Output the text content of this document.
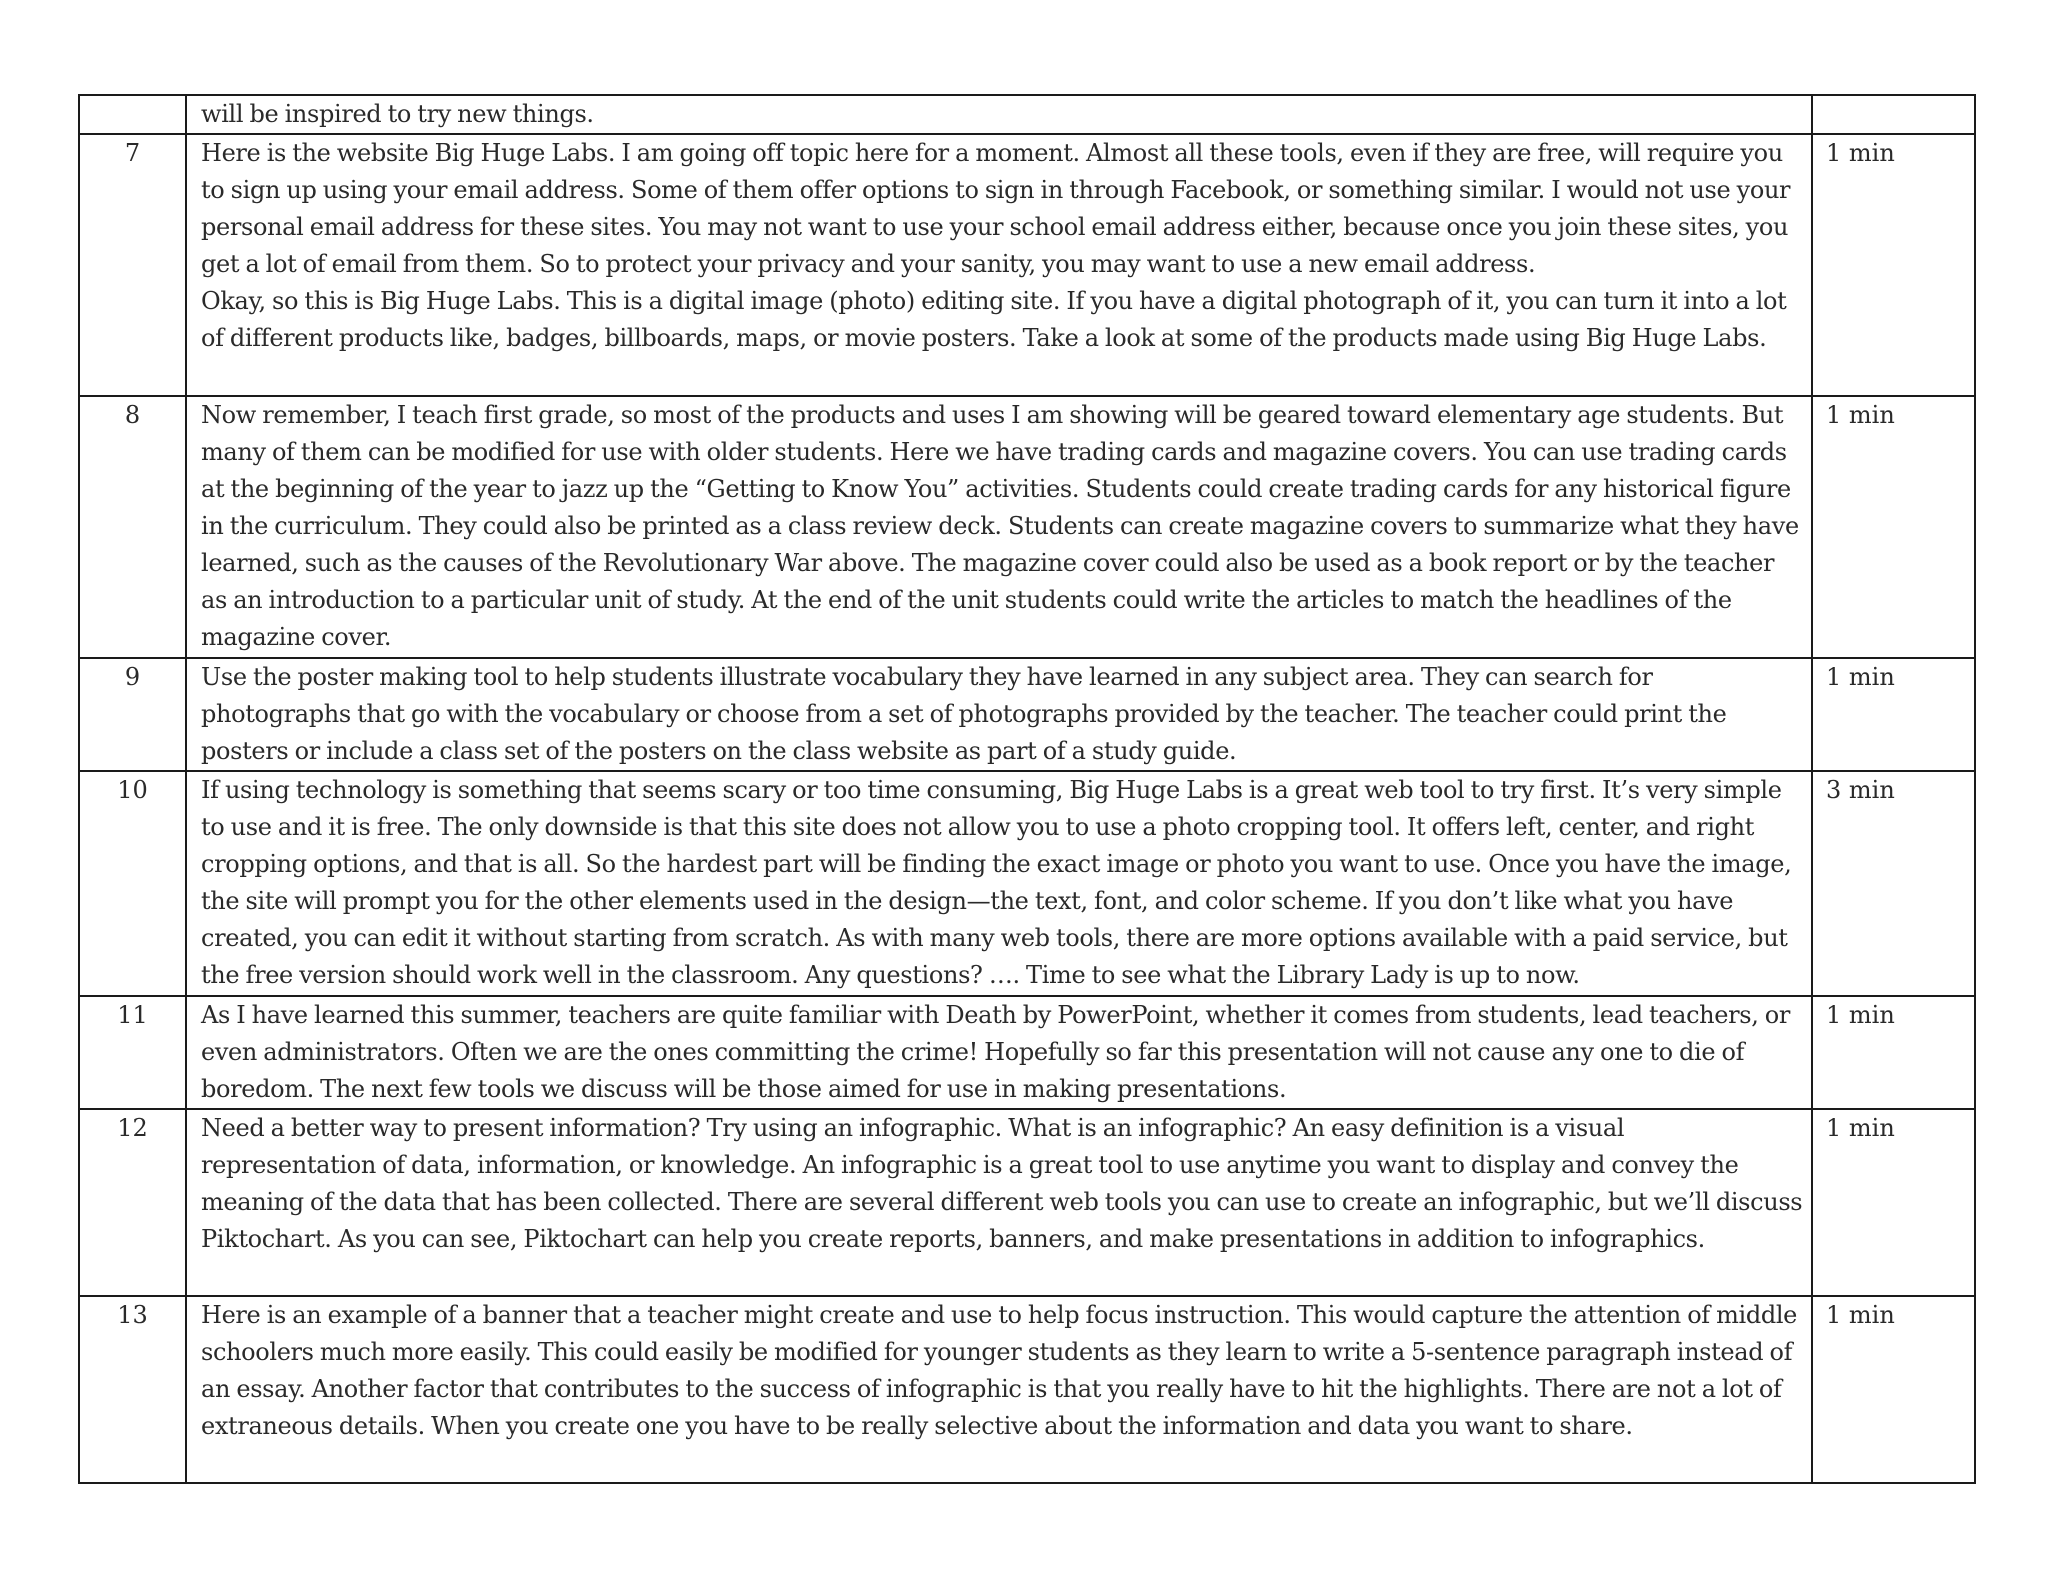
	will be inspired to try new things.	

7	Here is the website Big Huge Labs. I am going off topic here for a moment. Almost all these tools, even if they are free, will require you to sign up using your email address. Some of them offer options to sign in through Facebook, or something similar. I would not use your personal email address for these sites. You may not want to use your school email address either, because once you join these sites, you get a lot of email from them. So to protect your privacy and your sanity, you may want to use a new email address.
Okay, so this is Big Huge Labs. This is a digital image (photo) editing site. If you have a digital photograph of it, you can turn it into a lot of different products like, badges, billboards, maps, or movie posters. Take a look at some of the products made using Big Huge Labs.	1 min
8	Now remember, I teach first grade, so most of the products and uses I am showing will be geared toward elementary age students. But many of them can be modified for use with older students. Here we have trading cards and magazine covers. You can use trading cards at the beginning of the year to jazz up the “Getting to Know You” activities. Students could create trading cards for any historical figure in the curriculum. They could also be printed as a class review deck. Students can create magazine covers to summarize what they have learned, such as the causes of the Revolutionary War above. The magazine cover could also be used as a book report or by the teacher as an introduction to a particular unit of study. At the end of the unit students could write the articles to match the headlines of the magazine cover.	1 min
9	Use the poster making tool to help students illustrate vocabulary they have learned in any subject area. They can search for photographs that go with the vocabulary or choose from a set of photographs provided by the teacher. The teacher could print the posters or include a class set of the posters on the class website as part of a study guide.	1 min
10	If using technology is something that seems scary or too time consuming, Big Huge Labs is a great web tool to try first. It’s very simple to use and it is free. The only downside is that this site does not allow you to use a photo cropping tool. It offers left, center, and right cropping options, and that is all. So the hardest part will be finding the exact image or photo you want to use. Once you have the image, the site will prompt you for the other elements used in the design—the text, font, and color scheme. If you don’t like what you have created, you can edit it without starting from scratch. As with many web tools, there are more options available with a paid service, but the free version should work well in the classroom. Any questions? …. Time to see what the Library Lady is up to now.	3 min
11	As I have learned this summer, teachers are quite familiar with Death by PowerPoint, whether it comes from students, lead teachers, or even administrators. Often we are the ones committing the crime! Hopefully so far this presentation will not cause any one to die of boredom. The next few tools we discuss will be those aimed for use in making presentations.	1 min
12	Need a better way to present information? Try using an infographic. What is an infographic? An easy definition is a visual representation of data, information, or knowledge. An infographic is a great tool to use anytime you want to display and convey the meaning of the data that has been collected. There are several different web tools you can use to create an infographic, but we’ll discuss Piktochart. As you can see, Piktochart can help you create reports, banners, and make presentations in addition to infographics.	1 min
13	Here is an example of a banner that a teacher might create and use to help focus instruction. This would capture the attention of middle schoolers much more easily. This could easily be modified for younger students as they learn to write a 5-sentence paragraph instead of an essay. Another factor that contributes to the success of infographic is that you really have to hit the highlights. There are not a lot of extraneous details. When you create one you have to be really selective about the information and data you want to share.	1 min
